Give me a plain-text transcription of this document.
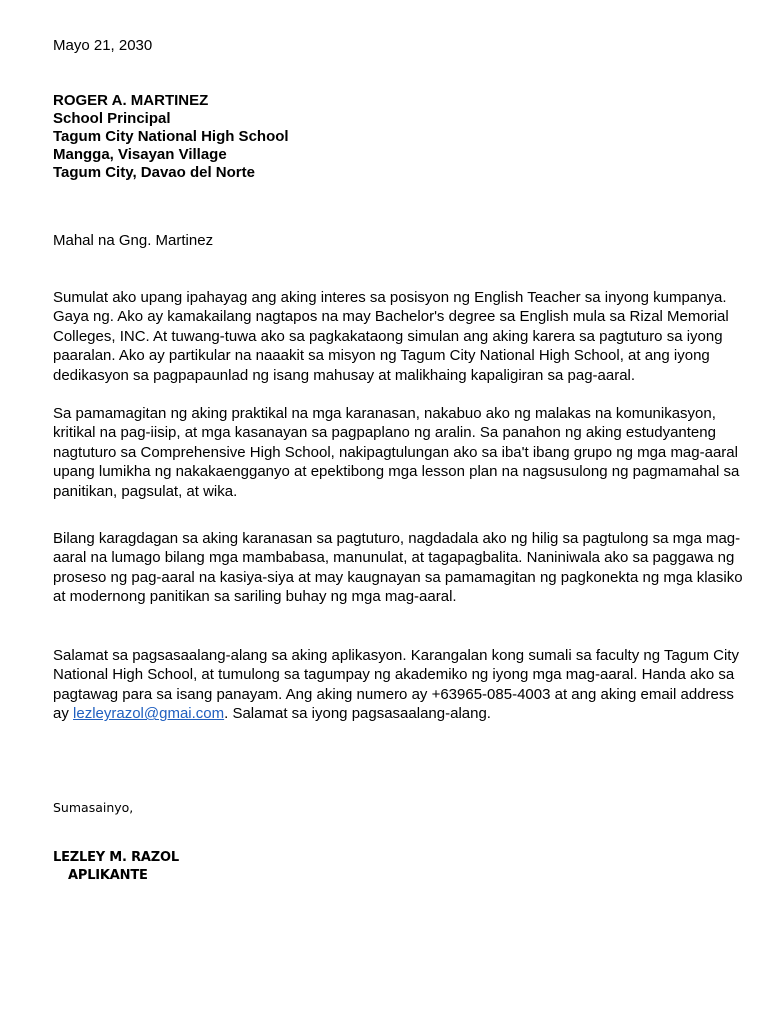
Mayo 21, 2030
ROGER A. MARTINEZ
School Principal
Tagum City National High School
Mangga, Visayan Village
Tagum City, Davao del Norte
Mahal na Gng. Martinez

Sumulat ako upang ipahayag ang aking interes sa posisyon ng English Teacher sa inyong kumpanya. Gaya ng. Ako ay kamakailang nagtapos na may Bachelor's degree sa English mula sa Rizal Memorial Colleges, INC. At tuwang-tuwa ako sa pagkakataong simulan ang aking karera sa pagtuturo sa iyong paaralan. Ako ay partikular na naaakit sa misyon ng Tagum City National High School, at ang iyong dedikasyon sa pagpapaunlad ng isang mahusay at malikhaing kapaligiran sa pag-aaral.

Sa pamamagitan ng aking praktikal na mga karanasan, nakabuo ako ng malakas na komunikasyon, kritikal na pag-iisip, at mga kasanayan sa pagpaplano ng aralin. Sa panahon ng aking estudyanteng nagtuturo sa Comprehensive High School, nakipagtulungan ako sa iba't ibang grupo ng mga mag-aaral upang lumikha ng nakakaengganyo at epektibong mga lesson plan na nagsusulong ng pagmamahal sa panitikan, pagsulat, at wika.

Bilang karagdagan sa aking karanasan sa pagtuturo, nagdadala ako ng hilig sa pagtulong sa mga mag-aaral na lumago bilang mga mambabasa, manunulat, at tagapagbalita. Naniniwala ako sa paggawa ng proseso ng pag-aaral na kasiya-siya at may kaugnayan sa pamamagitan ng pagkonekta ng mga klasiko at modernong panitikan sa sariling buhay ng mga mag-aaral.

Salamat sa pagsasaalang-alang sa aking aplikasyon. Karangalan kong sumali sa faculty ng Tagum City National High School, at tumulong sa tagumpay ng akademiko ng iyong mga mag-aaral. Handa ako sa pagtawag para sa isang panayam. Ang aking numero ay +63965-085-4003 at ang aking email address ay lezleyrazol@gmai.com. Salamat sa iyong pagsasaalang-alang.

Sumasainyo,
LEZLEY M. RAZOL
APLIKANTE
